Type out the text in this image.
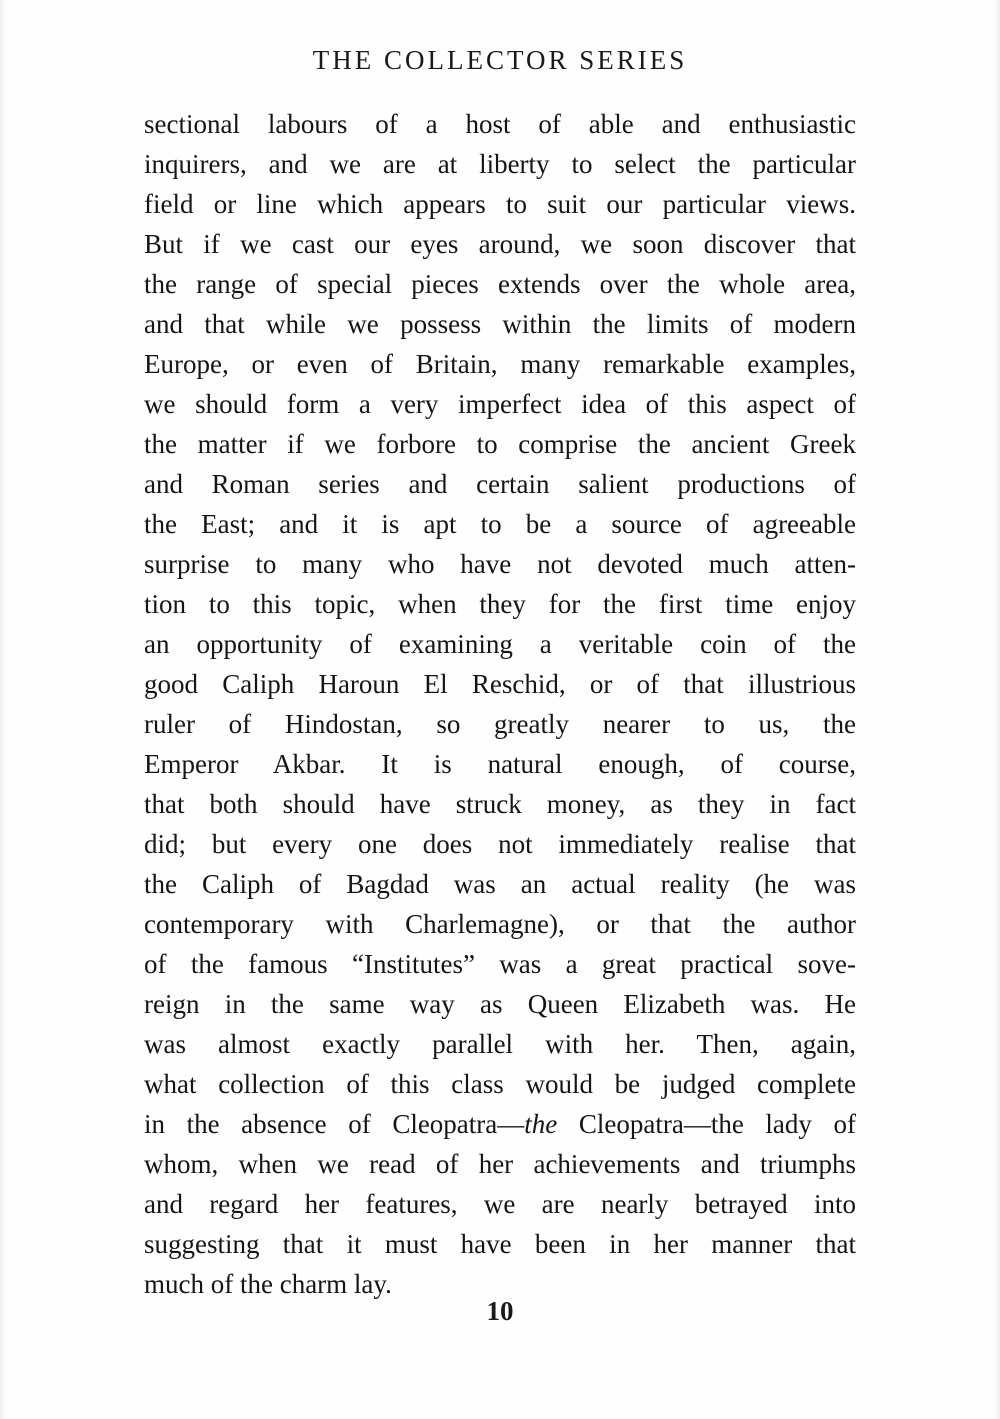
THE COLLECTOR SERIES
sectional labours of a host of able and enthusiastic
inquirers, and we are at liberty to select the particular
field or line which appears to suit our particular views.
But if we cast our eyes around, we soon discover that
the range of special pieces extends over the whole area,
and that while we possess within the limits of modern
Europe, or even of Britain, many remarkable examples,
we should form a very imperfect idea of this aspect of
the matter if we forbore to comprise the ancient Greek
and Roman series and certain salient productions of
the East; and it is apt to be a source of agreeable
surprise to many who have not devoted much atten-
tion to this topic, when they for the first time enjoy
an opportunity of examining a veritable coin of the
good Caliph Haroun El Reschid, or of that illustrious
ruler of Hindostan, so greatly nearer to us, the
Emperor Akbar. It is natural enough, of course,
that both should have struck money, as they in fact
did; but every one does not immediately realise that
the Caliph of Bagdad was an actual reality (he was
contemporary with Charlemagne), or that the author
of the famous “Institutes” was a great practical sove-
reign in the same way as Queen Elizabeth was. He
was almost exactly parallel with her. Then, again,
what collection of this class would be judged complete
in the absence of Cleopatra—the Cleopatra—the lady of
whom, when we read of her achievements and triumphs
and regard her features, we are nearly betrayed into
suggesting that it must have been in her manner that
much of the charm lay.
10
